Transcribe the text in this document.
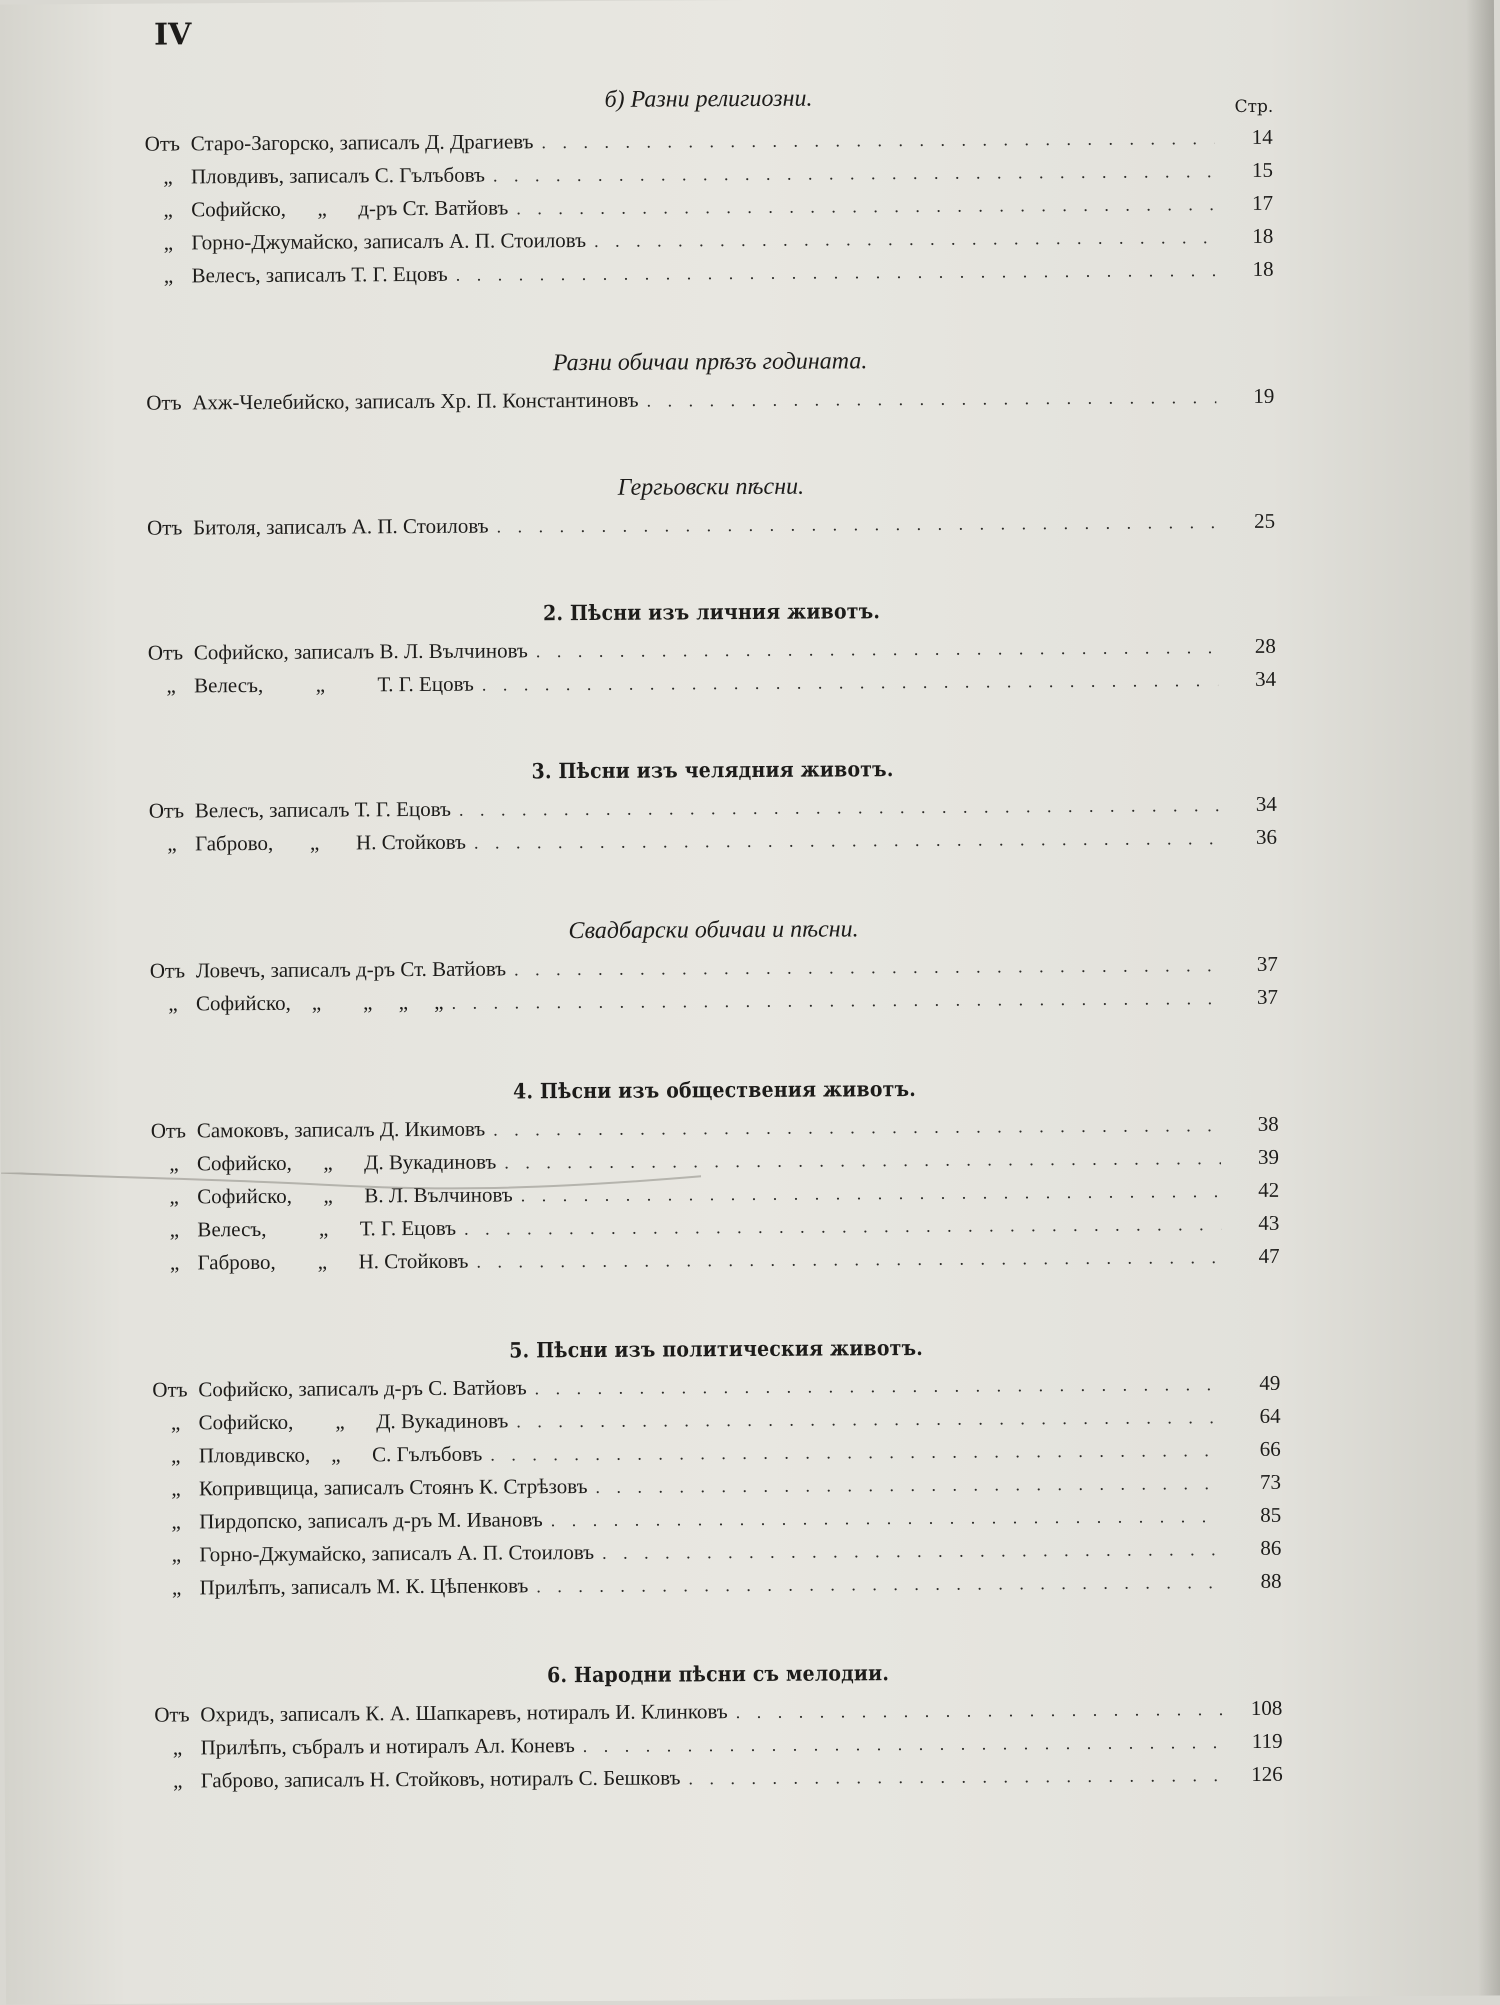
IV
Стр.
б) Разни религиозни.
Отъ Старо-Загорско, записалъ Д. Драгиевъ . . .	14
„ Пловдивъ, записалъ С. Гълъбовъ . . .	15
„ Софийско,      „      д-ръ Ст. Ватйовъ . . .	17
„ Горно-Джумайско, записалъ А. П. Стоиловъ . . .	18
„ Велесъ, записалъ Т. Г. Ецовъ . . .	18
Разни обичаи прѣзъ годината.
Отъ Ахж-Челебийско, записалъ Хр. П. Константиновъ . . .	19
Гергьовски пѣсни.
Отъ Битоля, записалъ А. П. Стоиловъ . . .	25
2. Пѣсни изъ личния животъ.
Отъ Софийско, записалъ В. Л. Вълчиновъ . . .	28
„ Велесъ,          „          Т. Г. Ецовъ . . .	34
3. Пѣсни изъ челядния животъ.
Отъ Велесъ, записалъ Т. Г. Ецовъ . . .	34
„ Габрово,       „       Н. Стойковъ . . .	36
Свадбарски обичаи и пѣсни.
Отъ Ловечъ, записалъ д-ръ Ст. Ватйовъ . . .	37
„ Софийско,    „        „     „     „ . . .	37
4. Пѣсни изъ обществения животъ.
Отъ Самоковъ, записалъ Д. Икимовъ . . .	38
„ Софийско,      „      Д. Вукадиновъ . . .	39
„ Софийско,      „      В. Л. Вълчиновъ . . .	42
„ Велесъ,          „      Т. Г. Ецовъ . . .	43
„ Габрово,        „      Н. Стойковъ . . .	47
5. Пѣсни изъ политическия животъ.
Отъ Софийско, записалъ д-ръ С. Ватйовъ . . .	49
„ Софийско,        „      Д. Вукадиновъ . . .	64
„ Пловдивско,    „      С. Гълъбовъ . . .	66
„ Копривщица, записалъ Стоянъ К. Стрѣзовъ . . .	73
„ Пирдопско, записалъ д-ръ М. Ивановъ . . .	85
„ Горно-Джумайско, записалъ А. П. Стоиловъ . . .	86
„ Прилѣпъ, записалъ М. К. Цѣпенковъ . . .	88
6. Народни пѣсни съ мелодии.
Отъ Охридъ, записалъ К. А. Шапкаревъ, нотиралъ И. Клинковъ . . .	108
„ Прилѣпъ, събралъ и нотиралъ Ал. Коневъ . . .	119
„ Габрово, записалъ Н. Стойковъ, нотиралъ С. Бешковъ . . .	126
